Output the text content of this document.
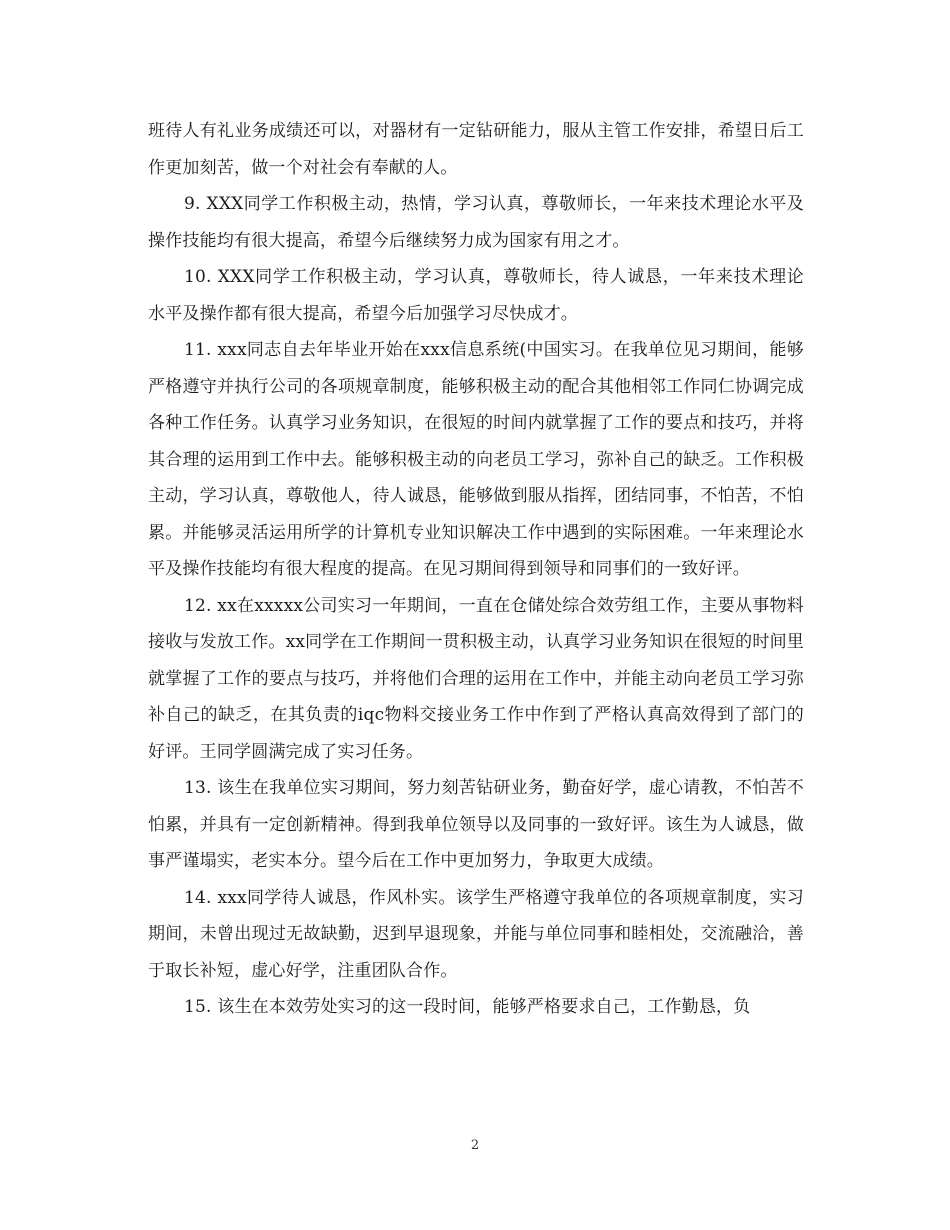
班待人有礼业务成绩还可以，对器材有一定钻研能力，服从主管工作安排，希望日后工作更加刻苦，做一个对社会有奉献的人。

9. XXX同学工作积极主动，热情，学习认真，尊敬师长，一年来技术理论水平及操作技能均有很大提高，希望今后继续努力成为国家有用之才。

10. XXX同学工作积极主动，学习认真，尊敬师长，待人诚恳，一年来技术理论水平及操作都有很大提高，希望今后加强学习尽快成才。

11. xxx同志自去年毕业开始在xxx信息系统(中国实习。在我单位见习期间，能够严格遵守并执行公司的各项规章制度，能够积极主动的配合其他相邻工作同仁协调完成各种工作任务。认真学习业务知识，在很短的时间内就掌握了工作的要点和技巧，并将其合理的运用到工作中去。能够积极主动的向老员工学习，弥补自己的缺乏。工作积极主动，学习认真，尊敬他人，待人诚恳，能够做到服从指挥，团结同事，不怕苦，不怕累。并能够灵活运用所学的计算机专业知识解决工作中遇到的实际困难。一年来理论水平及操作技能均有很大程度的提高。在见习期间得到领导和同事们的一致好评。

12. xx在xxxxx公司实习一年期间，一直在仓储处综合效劳组工作，主要从事物料接收与发放工作。xx同学在工作期间一贯积极主动，认真学习业务知识在很短的时间里就掌握了工作的要点与技巧，并将他们合理的运用在工作中，并能主动向老员工学习弥补自己的缺乏，在其负责的iqc物料交接业务工作中作到了严格认真高效得到了部门的好评。王同学圆满完成了实习任务。

13. 该生在我单位实习期间，努力刻苦钻研业务，勤奋好学，虚心请教，不怕苦不怕累，并具有一定创新精神。得到我单位领导以及同事的一致好评。该生为人诚恳，做事严谨塌实，老实本分。望今后在工作中更加努力，争取更大成绩。

14. xxx同学待人诚恳，作风朴实。该学生严格遵守我单位的各项规章制度，实习期间，未曾出现过无故缺勤，迟到早退现象，并能与单位同事和睦相处，交流融洽，善于取长补短，虚心好学，注重团队合作。

15. 该生在本效劳处实习的这一段时间，能够严格要求自己，工作勤恳，负

2
